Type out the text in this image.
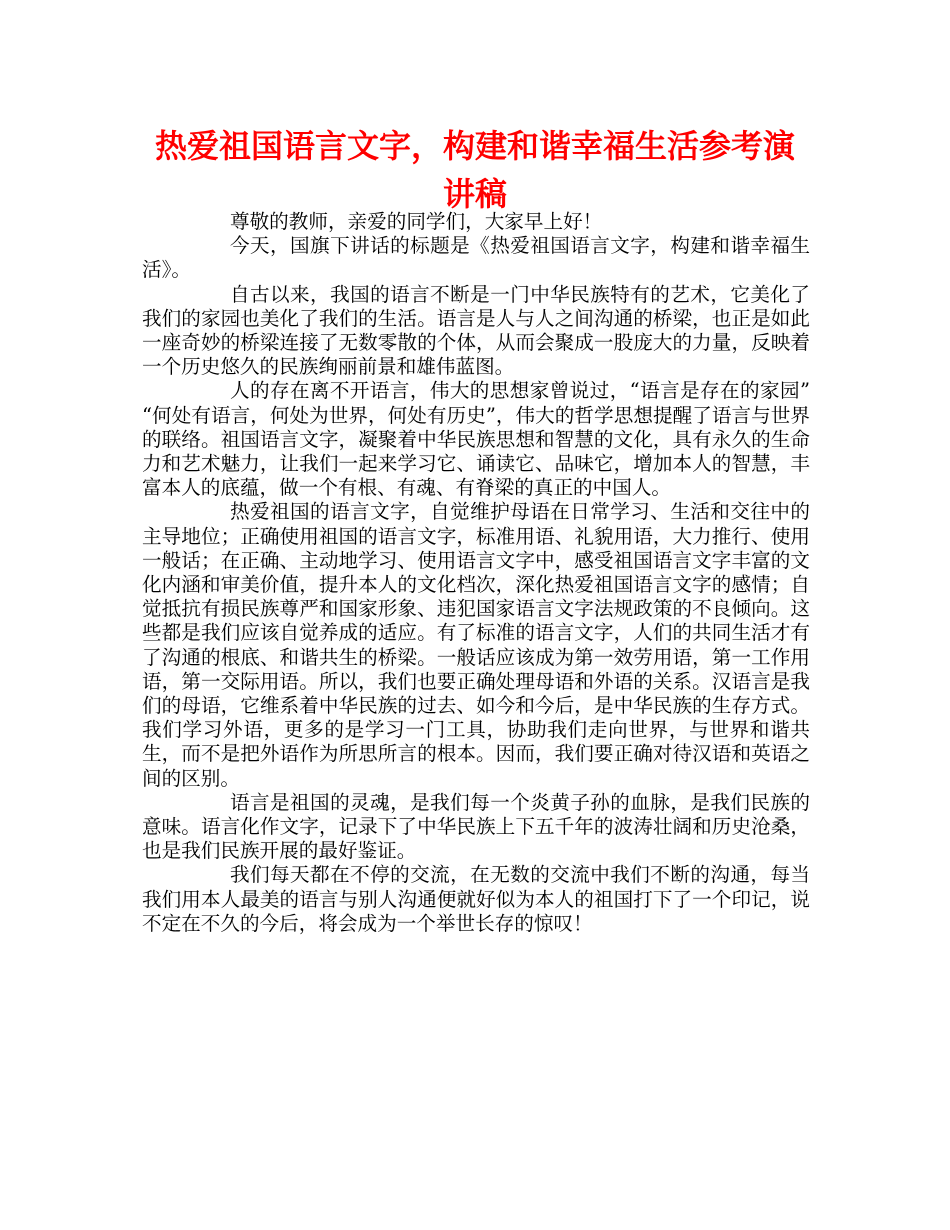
热爱祖国语言文字，构建和谐幸福生活参考演讲稿

尊敬的教师，亲爱的同学们，大家早上好！

今天，国旗下讲话的标题是《热爱祖国语言文字，构建和谐幸福生活》。

自古以来，我国的语言不断是一门中华民族特有的艺术，它美化了我们的家园也美化了我们的生活。语言是人与人之间沟通的桥梁，也正是如此一座奇妙的桥梁连接了无数零散的个体，从而会聚成一股庞大的力量，反映着一个历史悠久的民族绚丽前景和雄伟蓝图。

人的存在离不开语言，伟大的思想家曾说过，“语言是存在的家园” “何处有语言，何处为世界，何处有历史”，伟大的哲学思想提醒了语言与世界的联络。祖国语言文字，凝聚着中华民族思想和智慧的文化，具有永久的生命力和艺术魅力，让我们一起来学习它、诵读它、品味它，增加本人的智慧，丰富本人的底蕴，做一个有根、有魂、有脊梁的真正的中国人。

热爱祖国的语言文字，自觉维护母语在日常学习、生活和交往中的主导地位；正确使用祖国的语言文字，标准用语、礼貌用语，大力推行、使用一般话；在正确、主动地学习、使用语言文字中，感受祖国语言文字丰富的文化内涵和审美价值，提升本人的文化档次，深化热爱祖国语言文字的感情；自觉抵抗有损民族尊严和国家形象、违犯国家语言文字法规政策的不良倾向。这些都是我们应该自觉养成的适应。有了标准的语言文字，人们的共同生活才有了沟通的根底、和谐共生的桥梁。一般话应该成为第一效劳用语，第一工作用语，第一交际用语。所以，我们也要正确处理母语和外语的关系。汉语言是我们的母语，它维系着中华民族的过去、如今和今后，是中华民族的生存方式。我们学习外语，更多的是学习一门工具，协助我们走向世界，与世界和谐共生，而不是把外语作为所思所言的根本。因而，我们要正确对待汉语和英语之间的区别。

语言是祖国的灵魂，是我们每一个炎黄子孙的血脉，是我们民族的意味。语言化作文字，记录下了中华民族上下五千年的波涛壮阔和历史沧桑，也是我们民族开展的最好鉴证。

我们每天都在不停的交流，在无数的交流中我们不断的沟通，每当我们用本人最美的语言与别人沟通便就好似为本人的祖国打下了一个印记，说不定在不久的今后，将会成为一个举世长存的惊叹！
